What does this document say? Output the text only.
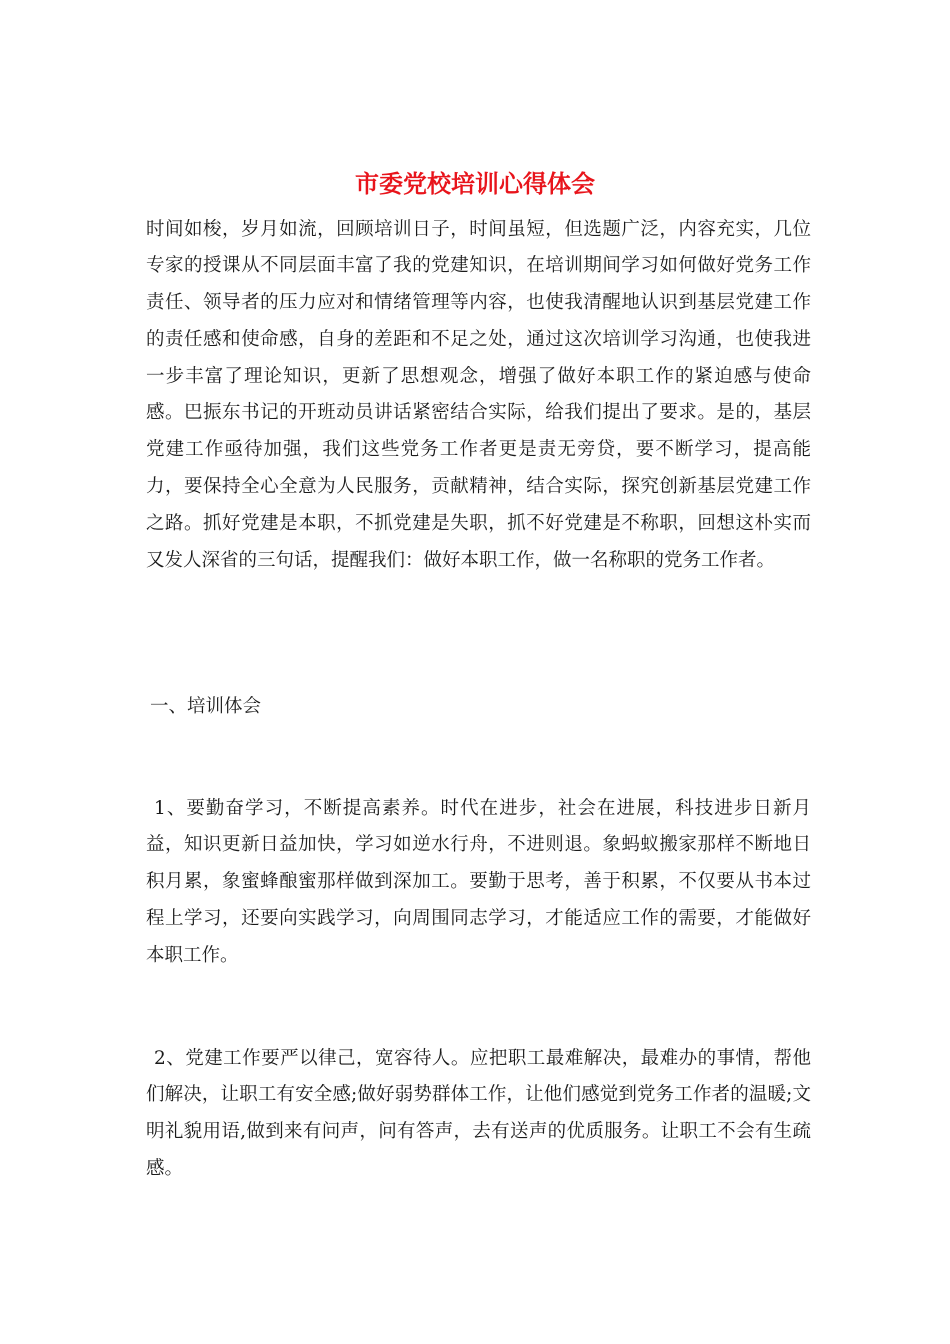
市委党校培训心得体会

时间如梭，岁月如流，回顾培训日子，时间虽短，但选题广泛，内容充实，几位专家的授课从不同层面丰富了我的党建知识，在培训期间学习如何做好党务工作责任、领导者的压力应对和情绪管理等内容，也使我清醒地认识到基层党建工作的责任感和使命感，自身的差距和不足之处，通过这次培训学习沟通，也使我进一步丰富了理论知识，更新了思想观念，增强了做好本职工作的紧迫感与使命感。巴振东书记的开班动员讲话紧密结合实际，给我们提出了要求。是的，基层党建工作亟待加强，我们这些党务工作者更是责无旁贷，要不断学习，提高能力，要保持全心全意为人民服务，贡献精神，结合实际，探究创新基层党建工作之路。抓好党建是本职，不抓党建是失职，抓不好党建是不称职，回想这朴实而又发人深省的三句话，提醒我们：做好本职工作，做一名称职的党务工作者。

一、培训体会

1、要勤奋学习，不断提高素养。时代在进步，社会在进展，科技进步日新月益，知识更新日益加快，学习如逆水行舟，不进则退。象蚂蚁搬家那样不断地日积月累，象蜜蜂酿蜜那样做到深加工。要勤于思考，善于积累，不仅要从书本过程上学习，还要向实践学习，向周围同志学习，才能适应工作的需要，才能做好本职工作。

2、党建工作要严以律己，宽容待人。应把职工最难解决，最难办的事情，帮他们解决，让职工有安全感;做好弱势群体工作，让他们感觉到党务工作者的温暖;文明礼貌用语,做到来有问声，问有答声，去有送声的优质服务。让职工不会有生疏感。
